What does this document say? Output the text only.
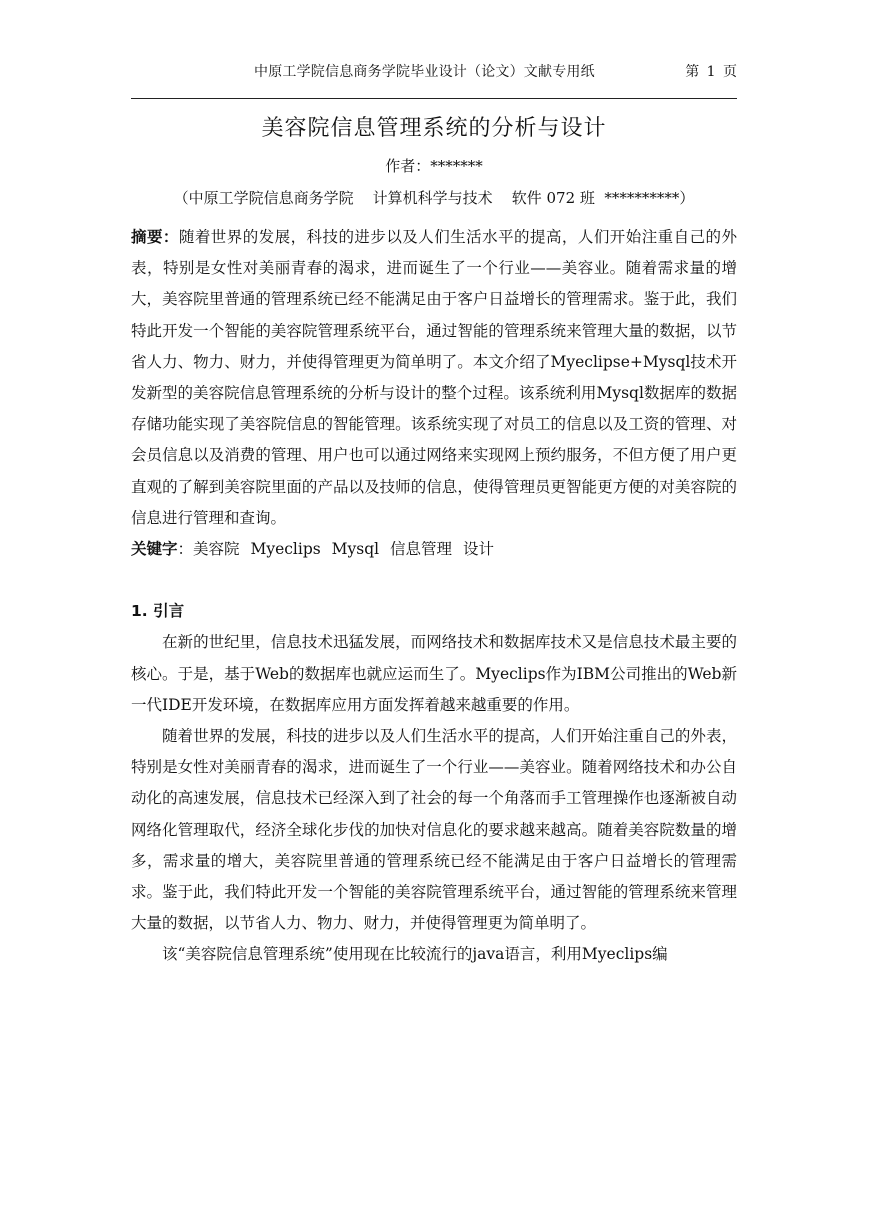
中原工学院信息商务学院毕业设计（论文）文献专用纸	第 1 页
美容院信息管理系统的分析与设计
作者：*******
（中原工学院信息商务学院    计算机科学与技术    软件 072 班  **********）

摘要：随着世界的发展，科技的进步以及人们生活水平的提高，人们开始注重自己的外表，特别是女性对美丽青春的渴求，进而诞生了一个行业——美容业。随着需求量的增大，美容院里普通的管理系统已经不能满足由于客户日益增长的管理需求。鉴于此，我们特此开发一个智能的美容院管理系统平台，通过智能的管理系统来管理大量的数据，以节省人力、物力、财力，并使得管理更为简单明了。本文介绍了Myeclipse+Mysql技术开发新型的美容院信息管理系统的分析与设计的整个过程。该系统利用Mysql数据库的数据存储功能实现了美容院信息的智能管理。该系统实现了对员工的信息以及工资的管理、对会员信息以及消费的管理、用户也可以通过网络来实现网上预约服务，不但方便了用户更直观的了解到美容院里面的产品以及技师的信息，使得管理员更智能更方便的对美容院的信息进行管理和查询。

关键字：美容院 Myeclips Mysql 信息管理 设计

1. 引言

在新的世纪里，信息技术迅猛发展，而网络技术和数据库技术又是信息技术最主要的核心。于是，基于Web的数据库也就应运而生了。Myeclips作为IBM公司推出的Web新一代IDE开发环境，在数据库应用方面发挥着越来越重要的作用。

随着世界的发展，科技的进步以及人们生活水平的提高，人们开始注重自己的外表，特别是女性对美丽青春的渴求，进而诞生了一个行业——美容业。随着网络技术和办公自动化的高速发展，信息技术已经深入到了社会的每一个角落而手工管理操作也逐渐被自动网络化管理取代，经济全球化步伐的加快对信息化的要求越来越高。随着美容院数量的增多，需求量的增大，美容院里普通的管理系统已经不能满足由于客户日益增长的管理需求。鉴于此，我们特此开发一个智能的美容院管理系统平台，通过智能的管理系统来管理大量的数据，以节省人力、物力、财力，并使得管理更为简单明了。

该“美容院信息管理系统”使用现在比较流行的java语言，利用Myeclips编
